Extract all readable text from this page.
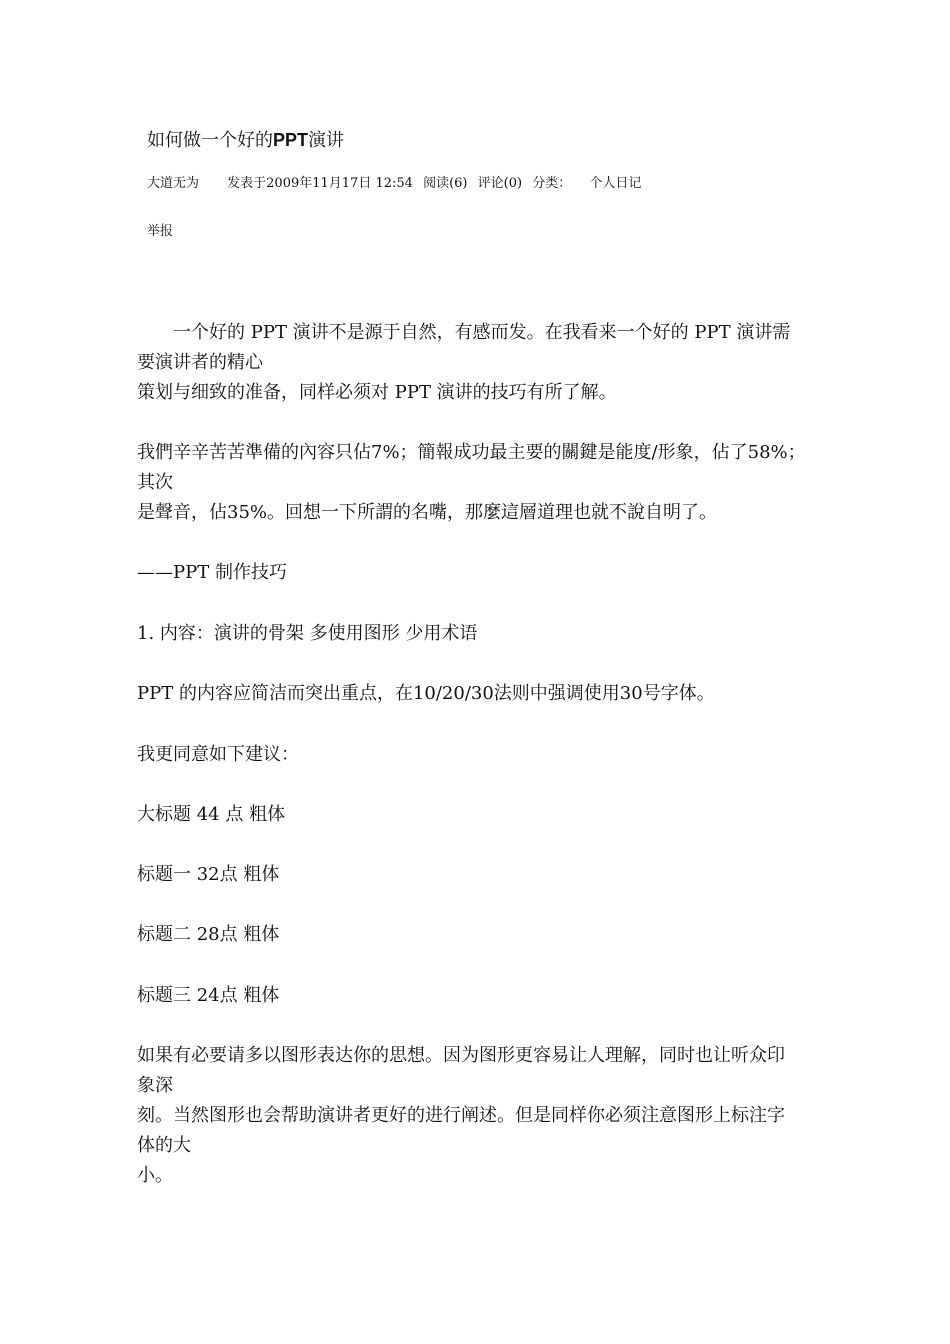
如何做一个好的PPT演讲
大道无为 发表于2009年11月17日 12:54 阅读(6) 评论(0) 分类： 个人日记
举报

一个好的 PPT 演讲不是源于自然，有感而发。在我看来一个好的 PPT 演讲需
要演讲者的精心
策划与细致的准备，同样必须对 PPT 演讲的技巧有所了解。

我們辛辛苦苦準備的內容只佔7%；簡報成功最主要的關鍵是能度/形象，佔了58%；
其次
是聲音，佔35%。回想一下所謂的名嘴，那麼這層道理也就不說自明了。

——PPT 制作技巧

1. 内容：演讲的骨架 多使用图形 少用术语

PPT 的内容应简洁而突出重点，在10/20/30法则中强调使用30号字体。

我更同意如下建议：

大标题 44 点 粗体

标题一 32点 粗体

标题二 28点 粗体

标题三 24点 粗体

如果有必要请多以图形表达你的思想。因为图形更容易让人理解，同时也让听众印
象深
刻。当然图形也会帮助演讲者更好的进行阐述。但是同样你必须注意图形上标注字
体的大
小。
